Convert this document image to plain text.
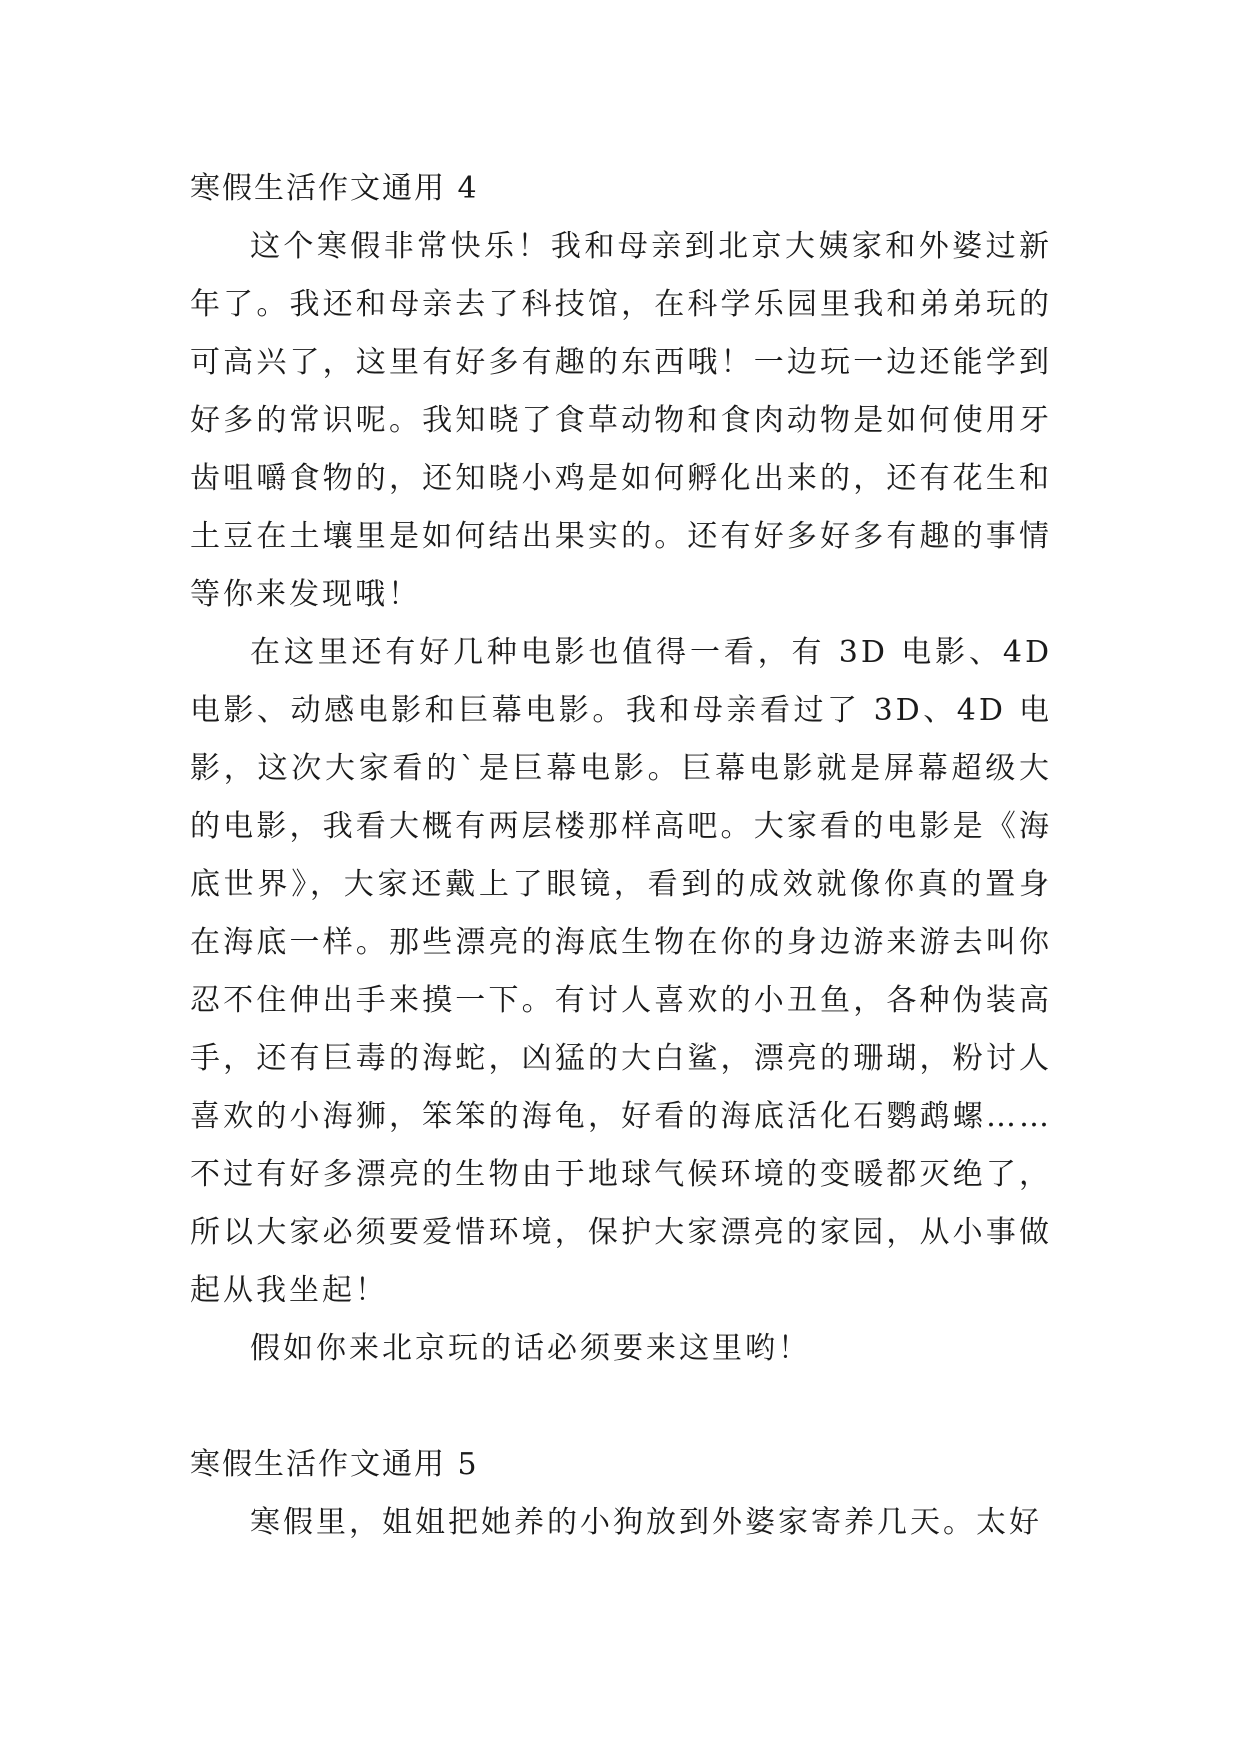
寒假生活作文通用 4

这个寒假非常快乐！我和母亲到北京大姨家和外婆过新年了。我还和母亲去了科技馆，在科学乐园里我和弟弟玩的可高兴了，这里有好多有趣的东西哦！一边玩一边还能学到好多的常识呢。我知晓了食草动物和食肉动物是如何使用牙齿咀嚼食物的，还知晓小鸡是如何孵化出来的，还有花生和土豆在土壤里是如何结出果实的。还有好多好多有趣的事情等你来发现哦！

在这里还有好几种电影也值得一看，有 3D 电影、4D 电影、动感电影和巨幕电影。我和母亲看过了 3D、4D 电影，这次大家看的`是巨幕电影。巨幕电影就是屏幕超级大的电影，我看大概有两层楼那样高吧。大家看的电影是《海底世界》，大家还戴上了眼镜，看到的成效就像你真的置身在海底一样。那些漂亮的海底生物在你的身边游来游去叫你忍不住伸出手来摸一下。有讨人喜欢的小丑鱼，各种伪装高手，还有巨毒的海蛇，凶猛的大白鲨，漂亮的珊瑚，粉讨人喜欢的小海狮，笨笨的海龟，好看的海底活化石鹦鹉螺……不过有好多漂亮的生物由于地球气候环境的变暖都灭绝了，所以大家必须要爱惜环境，保护大家漂亮的家园，从小事做起从我坐起！

假如你来北京玩的话必须要来这里哟！

寒假生活作文通用 5

寒假里，姐姐把她养的小狗放到外婆家寄养几天。太好
